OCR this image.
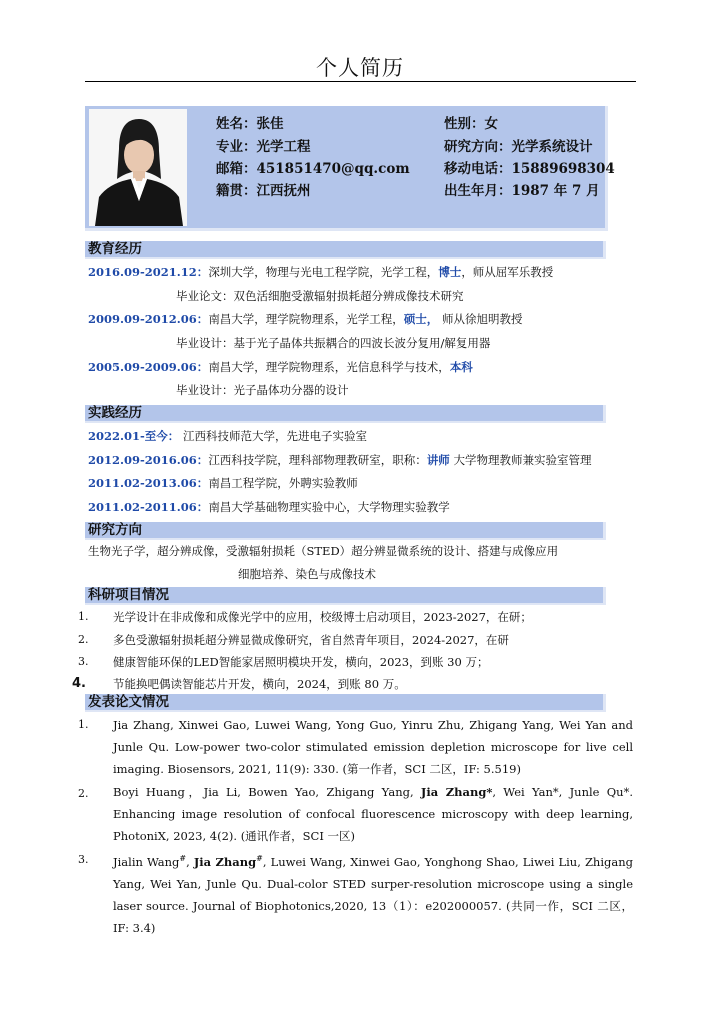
个人简历
姓名：张佳	性别：女
专业：光学工程	研究方向：光学系统设计
邮箱：451851470@qq.com	移动电话：15889698304
籍贯：江西抚州	出生年月：1987 年 7 月
教育经历
2016.09-2021.12：深圳大学，物理与光电工程学院，光学工程，博士，师从屈军乐教授
毕业论文：双色活细胞受激辐射损耗超分辨成像技术研究
2009.09-2012.06：南昌大学，理学院物理系，光学工程，硕士， 师从徐旭明教授
毕业设计：基于光子晶体共振耦合的四波长波分复用/解复用器
2005.09-2009.06：南昌大学，理学院物理系，光信息科学与技术，本科
毕业设计：光子晶体功分器的设计
实践经历
2022.01-至今： 江西科技师范大学，先进电子实验室
2012.09-2016.06：江西科技学院，理科部物理教研室，职称：讲师 大学物理教师兼实验室管理
2011.02-2013.06：南昌工程学院，外聘实验教师
2011.02-2011.06：南昌大学基础物理实验中心，大学物理实验教学
研究方向
生物光子学，超分辨成像，受激辐射损耗（STED）超分辨显微系统的设计、搭建与成像应用
细胞培养、染色与成像技术
科研项目情况
1. 光学设计在非成像和成像光学中的应用，校级博士启动项目，2023-2027，在研；
2. 多色受激辐射损耗超分辨显微成像研究，省自然青年项目，2024-2027，在研
3. 健康智能环保的LED智能家居照明模块开发，横向，2023，到账 30 万；
4. 节能换吧偶读智能芯片开发，横向，2024，到账 80 万。
发表论文情况
1. Jia Zhang, Xinwei Gao, Luwei Wang, Yong Guo, Yinru Zhu, Zhigang Yang, Wei Yan and Junle Qu. Low-power two-color stimulated emission depletion microscope for live cell imaging. Biosensors, 2021, 11(9): 330. (第一作者，SCI 二区，IF: 5.519)
2. Boyi Huang，Jia Li, Bowen Yao, Zhigang Yang, Jia Zhang*, Wei Yan*, Junle Qu*. Enhancing image resolution of confocal fluorescence microscopy with deep learning, PhotoniX, 2023, 4(2). (通讯作者，SCI 一区)
3. Jialin Wang#, Jia Zhang#, Luwei Wang, Xinwei Gao, Yonghong Shao, Liwei Liu, Zhigang Yang, Wei Yan, Junle Qu. Dual-color STED surper-resolution microscope using a single laser source. Journal of Biophotonics,2020, 13（1）：e202000057. (共同一作，SCI 二区，IF: 3.4)
